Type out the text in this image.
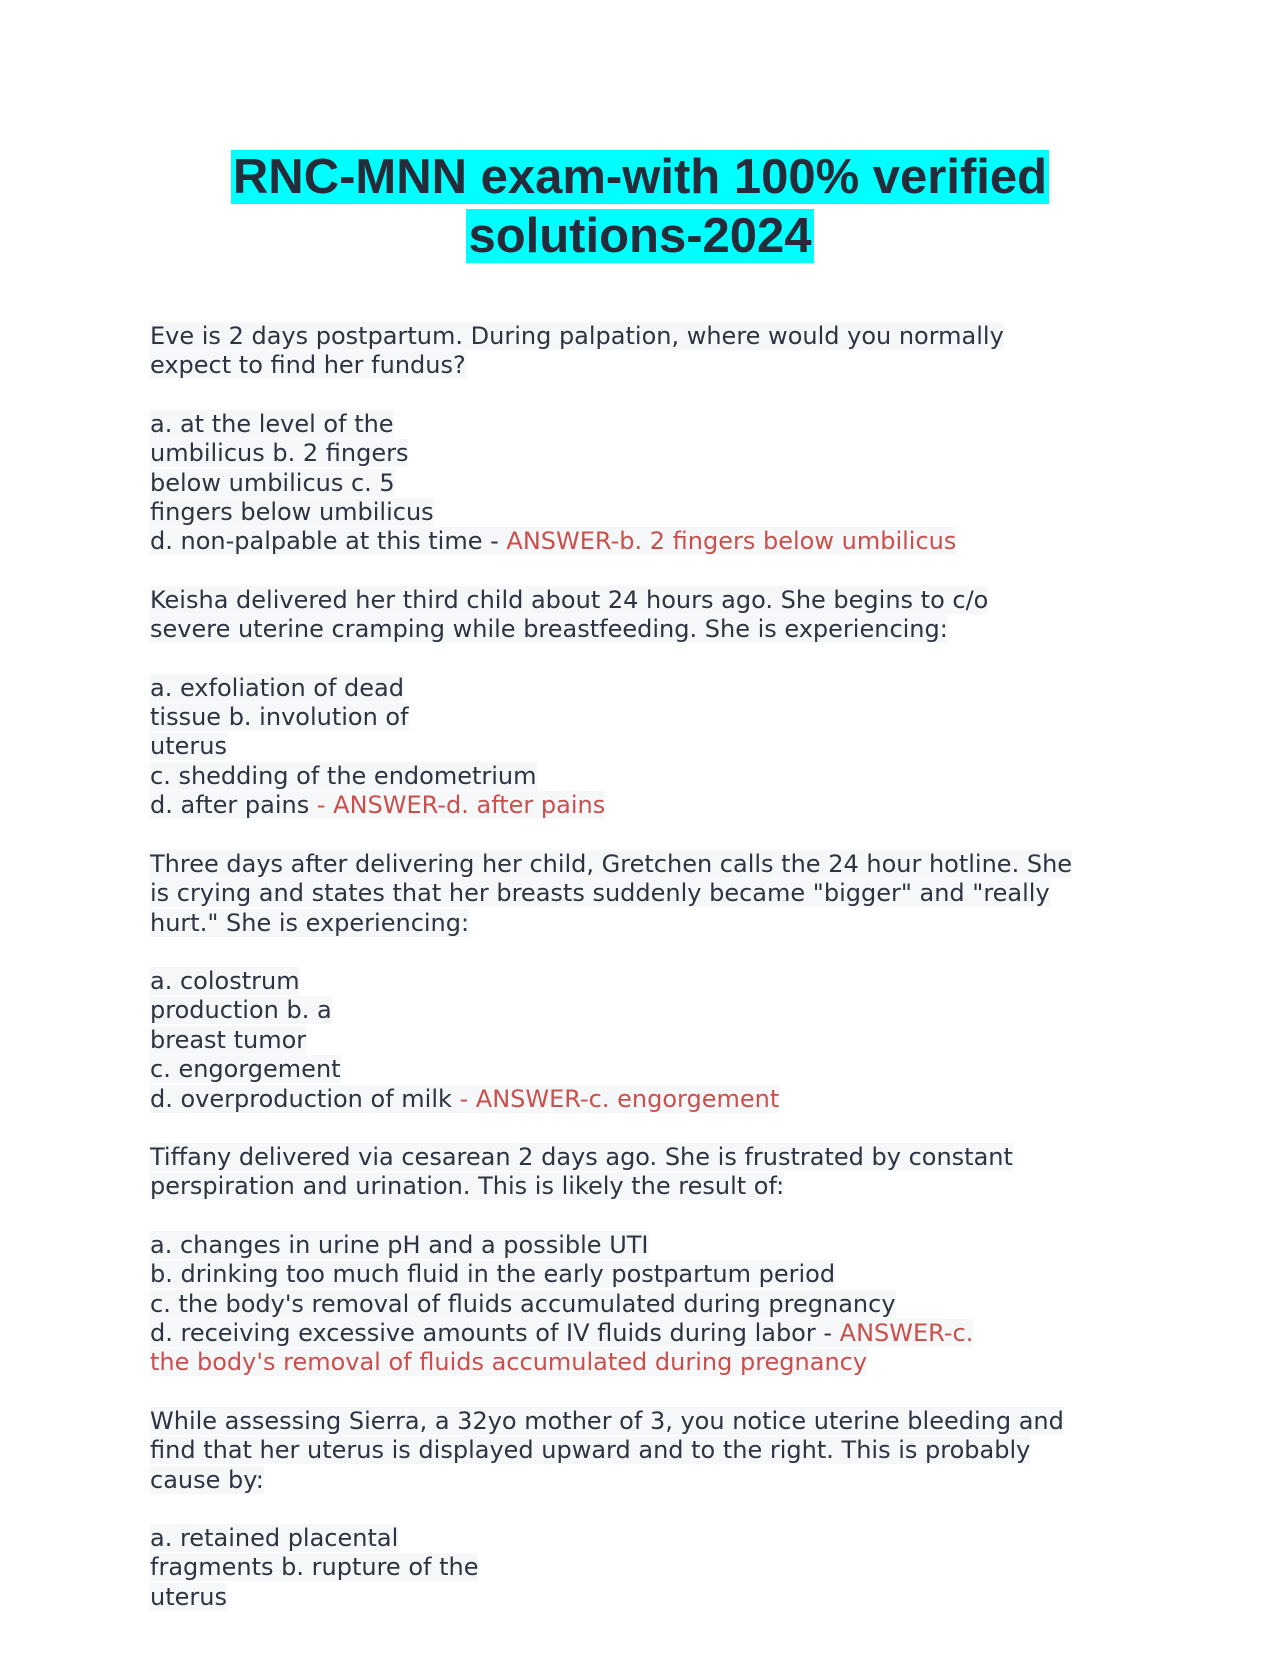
RNC-MNN exam-with 100% verified
solutions-2024
Eve is 2 days postpartum. During palpation, where would you normally
expect to find her fundus?
a. at the level of the
umbilicus b. 2 fingers
below umbilicus c. 5
fingers below umbilicus
d. non-palpable at this time - ANSWER-b. 2 fingers below umbilicus
Keisha delivered her third child about 24 hours ago. She begins to c/o
severe uterine cramping while breastfeeding. She is experiencing:
a. exfoliation of dead
tissue b. involution of
uterus
c. shedding of the endometrium
d. after pains - ANSWER-d. after pains
Three days after delivering her child, Gretchen calls the 24 hour hotline. She
is crying and states that her breasts suddenly became "bigger" and "really
hurt." She is experiencing:
a. colostrum
production b. a
breast tumor
c. engorgement
d. overproduction of milk - ANSWER-c. engorgement
Tiffany delivered via cesarean 2 days ago. She is frustrated by constant
perspiration and urination. This is likely the result of:
a. changes in urine pH and a possible UTI
b. drinking too much fluid in the early postpartum period
c. the body's removal of fluids accumulated during pregnancy
d. receiving excessive amounts of IV fluids during labor - ANSWER-c.
the body's removal of fluids accumulated during pregnancy
While assessing Sierra, a 32yo mother of 3, you notice uterine bleeding and
find that her uterus is displayed upward and to the right. This is probably
cause by:
a. retained placental
fragments b. rupture of the
uterus
